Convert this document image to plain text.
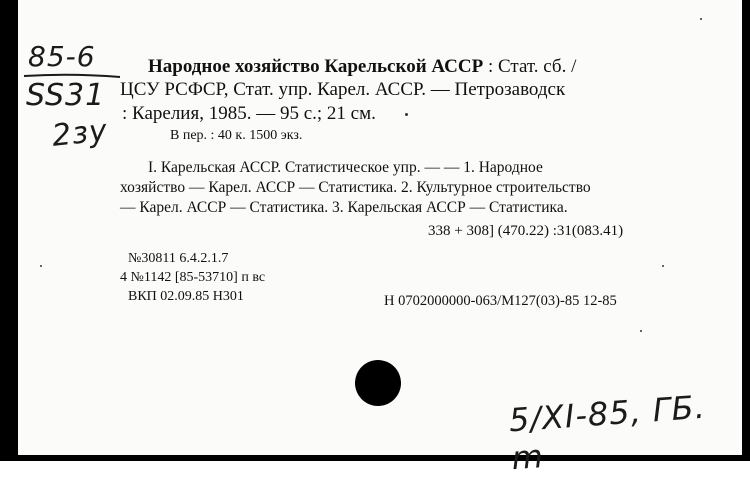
85-6
SS31
2зу
5/XI-85, ГБ. m
Народное хозяйство Карельской АССР : Стат. сб. /
ЦСУ РСФСР, Стат. упр. Карел. АССР. — Петрозаводск
: Карелия, 1985. — 95 с.; 21 см.
В пер. : 40 к. 1500 экз.
I. Карельская АССР. Статистическое упр. — — 1. Народное
хозяйство — Карел. АССР — Статистика. 2. Культурное строительство
— Карел. АССР — Статистика. 3. Карельская АССР — Статистика.
338 + 308] (470.22) :31(083.41)
№30811 6.4.2.1.7
4 №1142 [85-53710] п вс
ВКП 02.09.85 Н301	Н 0702000000-063/М127(03)-85 12-85
